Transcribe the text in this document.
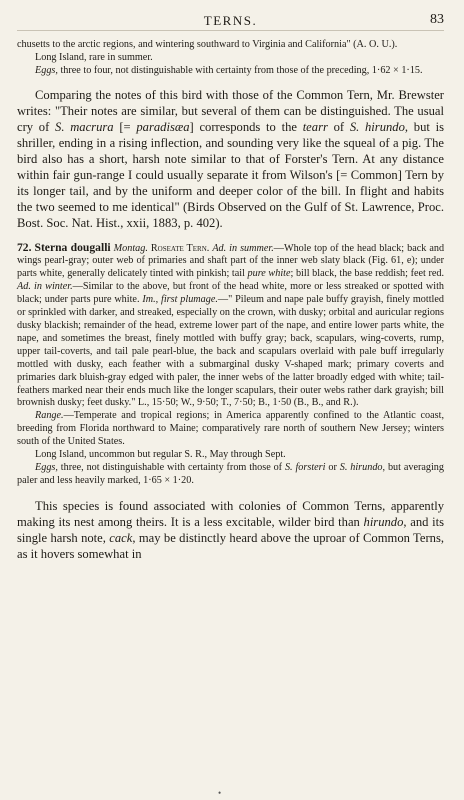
TERNS.	83

chusetts to the arctic regions, and wintering southward to Virginia and California" (A. O. U.).

Long Island, rare in summer.

Eggs, three to four, not distinguishable with certainty from those of the preceding, 1·62 × 1·15.

Comparing the notes of this bird with those of the Common Tern, Mr. Brewster writes: "Their notes are similar, but several of them can be distinguished. The usual cry of S. macrura [= paradisæa] corresponds to the tearr of S. hirundo, but is shriller, ending in a rising inflection, and sounding very like the squeal of a pig. The bird also has a short, harsh note similar to that of Forster's Tern. At any distance within fair gun-range I could usually separate it from Wilson's [= Common] Tern by its longer tail, and by the uniform and deeper color of the bill. In flight and habits the two seemed to me identical" (Birds Observed on the Gulf of St. Lawrence, Proc. Bost. Soc. Nat. Hist., xxii, 1883, p. 402).

72. Sterna dougalli Montag. Roseate Tern. Ad. in summer.—Whole top of the head black; back and wings pearl-gray; outer web of primaries and shaft part of the inner web slaty black (Fig. 61, e); under parts white, generally delicately tinted with pinkish; tail pure white; bill black, the base reddish; feet red. Ad. in winter.—Similar to the above, but front of the head white, more or less streaked or spotted with black; under parts pure white. Im., first plumage.—" Pileum and nape pale buffy grayish, finely mottled or sprinkled with darker, and streaked, especially on the crown, with dusky; orbital and auricular regions dusky blackish; remainder of the head, extreme lower part of the nape, and entire lower parts white, the nape, and sometimes the breast, finely mottled with buffy gray; back, scapulars, wing-coverts, rump, upper tail-coverts, and tail pale pearl-blue, the back and scapulars overlaid with pale buff irregularly mottled with dusky, each feather with a submarginal dusky V-shaped mark; primary coverts and primaries dark bluish-gray edged with paler, the inner webs of the latter broadly edged with white; tail-feathers marked near their ends much like the longer scapulars, their outer webs rather dark grayish; bill brownish dusky; feet dusky." L., 15·50; W., 9·50; T., 7·50; B., 1·50 (B., B., and R.).

Range.—Temperate and tropical regions; in America apparently confined to the Atlantic coast, breeding from Florida northward to Maine; comparatively rare north of southern New Jersey; winters south of the United States.

Long Island, uncommon but regular S. R., May through Sept.

Eggs, three, not distinguishable with certainty from those of S. forsteri or S. hirundo, but averaging paler and less heavily marked, 1·65 × 1·20.

This species is found associated with colonies of Common Terns, apparently making its nest among theirs. It is a less excitable, wilder bird than hirundo, and its single harsh note, cack, may be distinctly heard above the uproar of Common Terns, as it hovers somewhat in

•
